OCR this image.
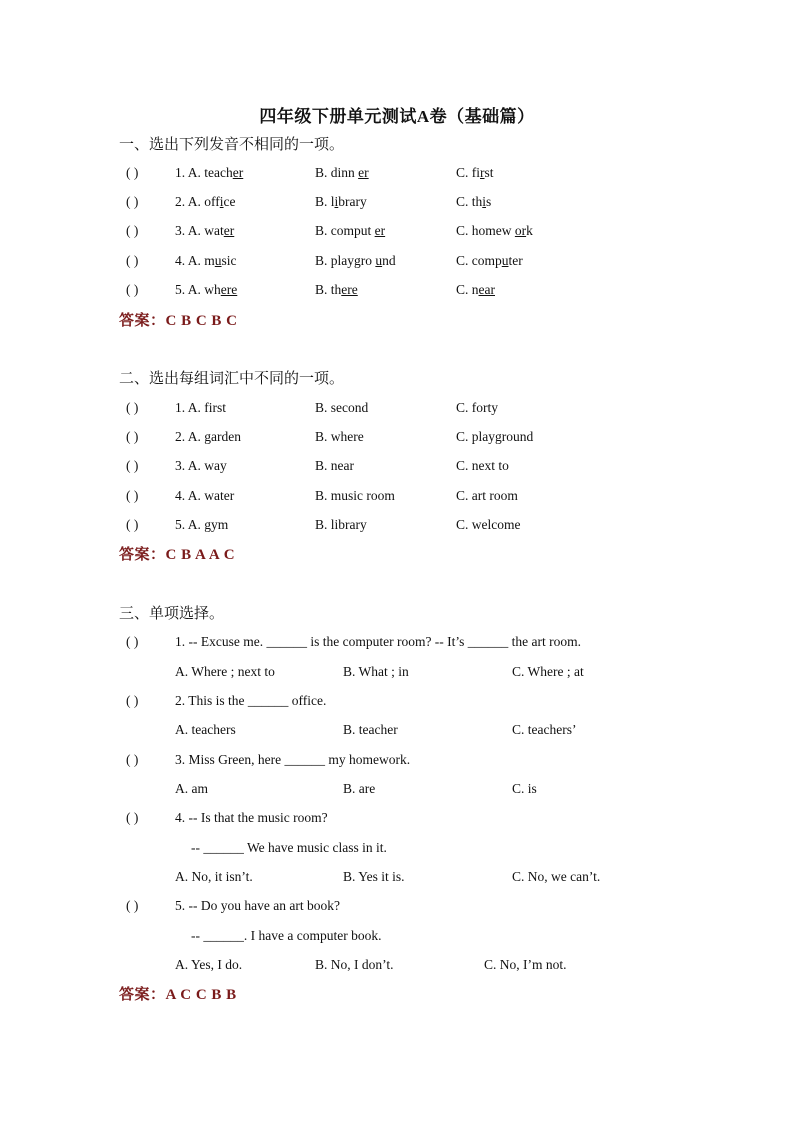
四年级下册单元测试A卷（基础篇）
一、选出下列发音不相同的一项。
( )	1. A. teacher	B. dinn er	C. first
( )	2. A. office	B. library	C. this
( )	3. A. water	B. comput er	C. homew ork
( )	4. A. music	B. playgro und	C. computer
( )	5. A. where	B. there	C. near
答案：C B C B C
二、选出每组词汇中不同的一项。
( )	1. A. first	B. second	C. forty
( )	2. A. garden	B. where	C. playground
( )	3. A. way	B. near	C. next to
( )	4. A. water	B. music room	C. art room
( )	5. A. gym	B. library	C. welcome
答案：C B A A C
三、单项选择。
( )	1. -- Excuse me. ______ is the computer room? -- It’s ______ the art room.
A. Where ; next to	B. What ; in	C. Where ; at
( )	2. This is the ______ office.
A. teachers	B. teacher	C. teachers’
( )	3. Miss Green, here ______ my homework.
A. am	B. are	C. is
( )	4. -- Is that the music room?
-- ______ We have music class in it.
A. No, it isn’t.	B. Yes it is.	C. No, we can’t.
( )	5. -- Do you have an art book?
-- ______. I have a computer book.
A. Yes, I do.	B. No, I don’t.	C. No, I’m not.
答案：A C C B B
